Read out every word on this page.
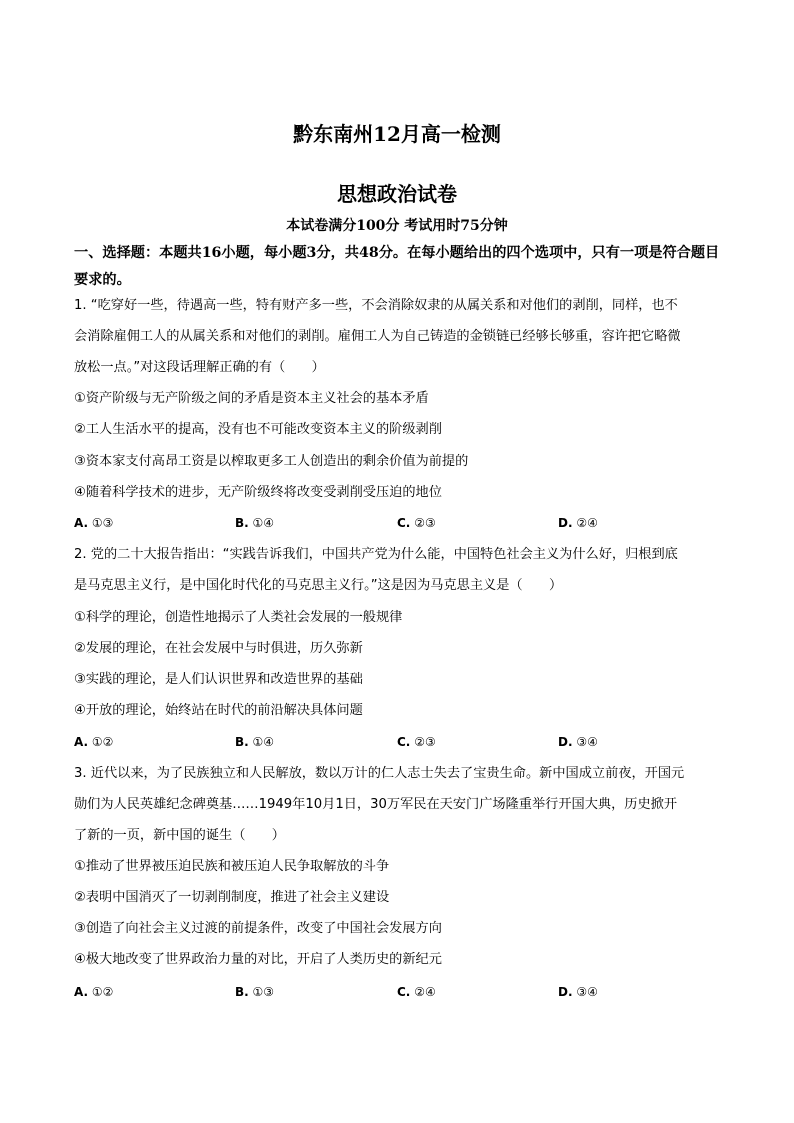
黔东南州12月高一检测
思想政治试卷
本试卷满分100分 考试用时75分钟
一、选择题：本题共16小题，每小题3分，共48分。在每小题给出的四个选项中，只有一项是符合题目要求的。
1. “吃穿好一些，待遇高一些，特有财产多一些，不会消除奴隶的从属关系和对他们的剥削，同样，也不
会消除雇佣工人的从属关系和对他们的剥削。雇佣工人为自己铸造的金锁链已经够长够重，容许把它略微
放松一点。”对这段话理解正确的有（　　）
①资产阶级与无产阶级之间的矛盾是资本主义社会的基本矛盾
②工人生活水平的提高，没有也不可能改变资本主义的阶级剥削
③资本家支付高昂工资是以榨取更多工人创造出的剩余价值为前提的
④随着科学技术的进步，无产阶级终将改变受剥削受压迫的地位
A. ①③	B. ①④	C. ②③	D. ②④
2. 党的二十大报告指出：“实践告诉我们，中国共产党为什么能，中国特色社会主义为什么好，归根到底
是马克思主义行，是中国化时代化的马克思主义行。”这是因为马克思主义是（　　）
①科学的理论，创造性地揭示了人类社会发展的一般规律
②发展的理论，在社会发展中与时俱进，历久弥新
③实践的理论，是人们认识世界和改造世界的基础
④开放的理论，始终站在时代的前沿解决具体问题
A. ①②	B. ①④	C. ②③	D. ③④
3. 近代以来，为了民族独立和人民解放，数以万计的仁人志士失去了宝贵生命。新中国成立前夜，开国元
勋们为人民英雄纪念碑奠基……1949年10月1日，30万军民在天安门广场隆重举行开国大典，历史掀开
了新的一页，新中国的诞生（　　）
①推动了世界被压迫民族和被压迫人民争取解放的斗争
②表明中国消灭了一切剥削制度，推进了社会主义建设
③创造了向社会主义过渡的前提条件，改变了中国社会发展方向
④极大地改变了世界政治力量的对比，开启了人类历史的新纪元
A. ①②	B. ①③	C. ②④	D. ③④
